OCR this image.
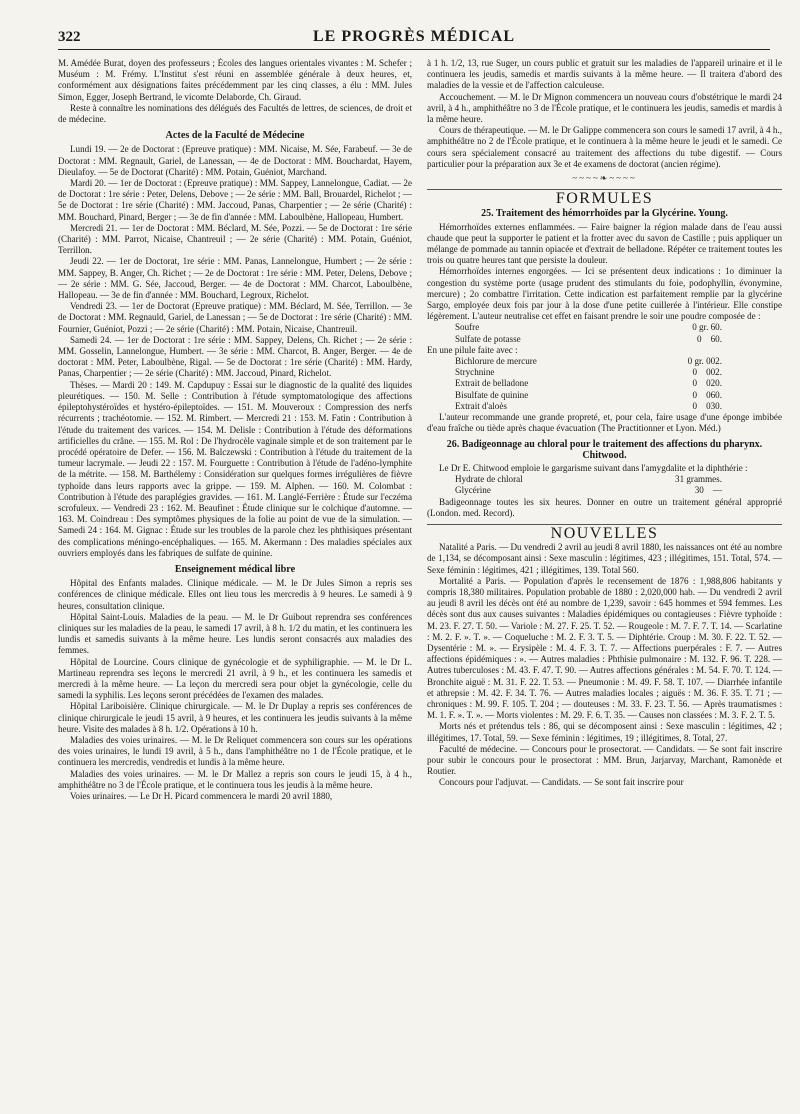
322	LE PROGRÈS MÉDICAL

M. Amédée Burat, doyen des professeurs ; Écoles des langues orientales vivantes : M. Schefer ; Muséum : M. Frémy. L'Institut s'est réuni en assemblée générale à deux heures, et, conformément aux désignations faites précédemment par les cinq classes, a élu : MM. Jules Simon, Egger, Joseph Bertrand, le vicomte Delaborde, Ch. Giraud.

Reste à connaître les nominations des délégués des Facultés de lettres, de sciences, de droit et de médecine.

Actes de la Faculté de Médecine

Lundi 19. — 2e de Doctorat : (Epreuve pratique) : MM. Nicaise, M. Sée, Farabeuf. — 3e de Doctorat : MM. Regnault, Gariel, de Lanessan, — 4e de Doctorat : MM. Bouchardat, Hayem, Dieulafoy. — 5e de Doctorat (Charité) : MM. Potain, Guéniot, Marchand.

Mardi 20. — 1er de Doctorat : (Epreuve pratique) : MM. Sappey, Lannelongue, Cadiat. — 2e de Doctorat : 1re série : Peter, Delens, Debove ; — 2e série : MM. Ball, Brouardel, Richelot ; — 5e de Doctorat : 1re série (Charité) : MM. Jaccoud, Panas, Charpentier ; — 2e série (Charité) : MM. Bouchard, Pinard, Berger ; — 3e de fin d'année : MM. Laboulbène, Hallopeau, Humbert.

Mercredi 21. — 1er de Doctorat : MM. Béclard, M. Sée, Pozzi. — 5e de Doctorat : 1re série (Charité) : MM. Parrot, Nicaise, Chantreuil ; — 2e série (Charité) : MM. Potain, Guéniot, Terrillon.

Jeudi 22. — 1er de Doctorat, 1re série : MM. Panas, Lannelongue, Humbert ; — 2e série : MM. Sappey, B. Anger, Ch. Richet ; — 2e de Doctorat : 1re série : MM. Peter, Delens, Debove ; — 2e série : MM. G. Sée, Jaccoud, Berger. — 4e de Doctorat : MM. Charcot, Laboulbène, Hallopeau. — 3e de fin d'année : MM. Bouchard, Legroux, Richelot.

Vendredi 23. — 1er de Doctorat (Epreuve pratique) : MM. Béclard, M. Sée, Terrillon. — 3e de Doctorat : MM. Regnauld, Gariel, de Lanessan ; — 5e de Doctorat : 1re série (Charité) : MM. Fournier, Guéniot, Pozzi ; — 2e série (Charité) : MM. Potain, Nicaise, Chantreuil.

Samedi 24. — 1er de Doctorat : 1re série : MM. Sappey, Delens, Ch. Richet ; — 2e série : MM. Gosselin, Lannelongue, Humbert. — 3e série : MM. Charcot, B. Anger, Berger. — 4e de doctorat : MM. Peter, Laboulbène, Rigal. — 5e de Doctorat : 1re série (Charité) : MM. Hardy, Panas, Charpentier ; — 2e série (Charité) : MM. Jaccoud, Pinard, Richelot.

Thèses. — Mardi 20 : 149. M. Capdupuy : Essai sur le diagnostic de la qualité des liquides pleurétiques. — 150. M. Selle : Contribution à l'étude symptomatologique des affections épileptohystéroïdes et hystéro-épileptoïdes. — 151. M. Mouveroux : Compression des nerfs récurrents ; trachéotomie. — 152. M. Rimbert. — Mercredi 21 : 153. M. Fatin : Contribution à l'étude du traitement des varices. — 154. M. Delisle : Contribution à l'étude des déformations artificielles du crâne. — 155. M. Rol : De l'hydrocèle vaginale simple et de son traitement par le procédé opératoire de Defer. — 156. M. Balczewski : Contribution à l'étude du traitement de la tumeur lacrymale. — Jeudi 22 : 157. M. Fourguette : Contribution à l'étude de l'adéno-lymphite de la métrite. — 158. M. Barthélemy : Considération sur quelques formes irrégulières de fièvre typhoïde dans leurs rapports avec la grippe. — 159. M. Alphen. — 160. M. Colombat : Contribution à l'étude des paraplégies gravides. — 161. M. Langlé-Ferrière : Étude sur l'eczéma scrofuleux. — Vendredi 23 : 162. M. Beaufinet : Étude clinique sur le colchique d'automne. — 163. M. Coindreau : Des symptômes physiques de la folie au point de vue de la simulation. — Samedi 24 : 164. M. Gignac : Étude sur les troubles de la parole chez les phthisiques présentant des complications méningo-encéphaliques. — 165. M. Akermann : Des maladies spéciales aux ouvriers employés dans les fabriques de sulfate de quinine.

Enseignement médical libre

Hôpital des Enfants malades. Clinique médicale. — M. le Dr Jules Simon a repris ses conférences de clinique médicale. Elles ont lieu tous les mercredis à 9 heures. Le samedi à 9 heures, consultation clinique.

Hôpital Saint-Louis. Maladies de la peau. — M. le Dr Guibout reprendra ses conférences cliniques sur les maladies de la peau, le samedi 17 avril, à 8 h. 1/2 du matin, et les continuera les lundis et samedis suivants à la même heure. Les lundis seront consacrés aux maladies des femmes.

Hôpital de Lourcine. Cours clinique de gynécologie et de syphiligraphie. — M. le Dr L. Martineau reprendra ses leçons le mercredi 21 avril, à 9 h., et les continuera les samedis et mercredi à la même heure. — La leçon du mercredi sera pour objet la gynécologie, celle du samedi la syphilis. Les leçons seront précédées de l'examen des malades.

Hôpital Lariboisière. Clinique chirurgicale. — M. le Dr Duplay a repris ses conférences de clinique chirurgicale le jeudi 15 avril, à 9 heures, et les continuera les jeudis suivants à la même heure. Visite des malades à 8 h. 1/2. Opérations à 10 h.

Maladies des voies urinaires. — M. le Dr Reliquet commencera son cours sur les opérations des voies urinaires, le lundi 19 avril, à 5 h., dans l'amphithéâtre no 1 de l'École pratique, et le continuera les mercredis, vendredis et lundis à la même heure.

Maladies des voies urinaires. — M. le Dr Mallez a repris son cours le jeudi 15, à 4 h., amphithéâtre no 3 de l'École pratique, et le continuera tous les jeudis à la même heure.

Voies urinaires. — Le Dr H. Picard commencera le mardi 20 avril 1880,

à 1 h. 1/2, 13, rue Suger, un cours public et gratuit sur les maladies de l'appareil urinaire et il le continuera les jeudis, samedis et mardis suivants à la même heure. — Il traitera d'abord des maladies de la vessie et de l'affection calculeuse.

Accouchement. — M. le Dr Mignon commencera un nouveau cours d'obstétrique le mardi 24 avril, à 4 h., amphithéâtre no 3 de l'École pratique, et le continuera les jeudis, samedis et mardis à la même heure.

Cours de thérapeutique. — M. le Dr Galippe commencera son cours le samedi 17 avril, à 4 h., amphithéâtre no 2 de l'École pratique, et le continuera à la même heure le jeudi et le samedi. Ce cours sera spécialement consacré au traitement des affections du tube digestif. — Cours particulier pour la préparation aux 3e et 4e examens de doctorat (ancien régime).

~~~~❧~~~~
FORMULES
25. Traitement des hémorrhoïdes par la Glycérine. Young.

Hémorrhoïdes externes enflammées. — Faire baigner la région malade dans de l'eau aussi chaude que peut la supporter le patient et la frotter avec du savon de Castille ; puis appliquer un mélange de pommade au tannin opiacée et d'extrait de belladone. Répéter ce traitement toutes les trois ou quatre heures tant que persiste la douleur.

Hémorrhoïdes internes engorgées. — Ici se présentent deux indications : 1o diminuer la congestion du système porte (usage prudent des stimulants du foie, podophyllin, évonymine, mercure) ; 2o combattre l'irritation. Cette indication est parfaitement remplie par la glycérine Sargo, employée deux fois par jour à la dose d'une petite cuillerée à l'intérieur. Elle constipe légèrement. L'auteur neutralise cet effet en faisant prendre le soir une poudre composée de :

Soufre	0 gr. 60.
Sulfate de potasse	0    60.

En une pilule faite avec :

Bichlorure de mercure	0 gr. 002.
Strychnine	0    002.
Extrait de belladone	0    020.
Bisulfate de quinine	0    060.
Extrait d'aloès	0    030.

L'auteur recommande une grande propreté, et, pour cela, faire usage d'une éponge imbibée d'eau fraîche ou tiède après chaque évacuation (The Practitionner et Lyon. Méd.)

26. Badigeonnage au chloral pour le traitement des affections du pharynx. Chitwood.

Le Dr E. Chitwood emploie le gargarisme suivant dans l'amygdalite et la diphthérie :

Hydrate de chloral	31 grammes.
Glycérine	30    —

Badigeonnage toutes les six heures. Donner en outre un traitement général approprié (London. med. Record).

NOUVELLES

Natalité a Paris. — Du vendredi 2 avril au jeudi 8 avril 1880, les naissances ont été au nombre de 1,134, se décomposant ainsi : Sexe masculin : légitimes, 423 ; illégitimes, 151. Total, 574. — Sexe féminin : légitimes, 421 ; illégitimes, 139. Total 560.

Mortalité a Paris. — Population d'après le recensement de 1876 : 1,988,806 habitants y compris 18,380 militaires. Population probable de 1880 : 2,020,000 hab. — Du vendredi 2 avril au jeudi 8 avril les décès ont été au nombre de 1,239, savoir : 645 hommes et 594 femmes. Les décès sont dus aux causes suivantes : Maladies épidémiques ou contagieuses : Fièvre typhoïde : M. 23. F. 27. T. 50. — Variole : M. 27. F. 25. T. 52. — Rougeole : M. 7. F. 7. T. 14. — Scarlatine : M. 2. F. ». T. ». — Coqueluche : M. 2. F. 3. T. 5. — Diphtérie. Croup : M. 30. F. 22. T. 52. — Dysentérie : M. ». — Erysipèle : M. 4. F. 3. T. 7. — Affections puerpérales : F. 7. — Autres affections épidémiques : ». — Autres maladies : Phthisie pulmonaire : M. 132. F. 96. T. 228. — Autres tuberculoses : M. 43. F. 47. T. 90. — Autres affections générales : M. 54. F. 70. T. 124. — Bronchite aiguë : M. 31. F. 22. T. 53. — Pneumonie : M. 49. F. 58. T. 107. — Diarrhée infantile et athrepsie : M. 42. F. 34. T. 76. — Autres maladies locales ; aiguës : M. 36. F. 35. T. 71 ; — chroniques : M. 99. F. 105. T. 204 ; — douteuses : M. 33. F. 23. T. 56. — Après traumatismes : M. 1. F. ». T. ». — Morts violentes : M. 29. F. 6. T. 35. — Causes non classées : M. 3. F. 2. T. 5.

Morts nés et prétendus tels : 86, qui se décomposent ainsi : Sexe masculin : légitimes, 42 ; illégitimes, 17. Total, 59. — Sexe féminin : légitimes, 19 ; illégitimes, 8. Total, 27.

Faculté de médecine. — Concours pour le prosectorat. — Candidats. — Se sont fait inscrire pour subir le concours pour le prosectorat : MM. Brun, Jarjarvay, Marchant, Ramonède et Routier.

Concours pour l'adjuvat. — Candidats. — Se sont fait inscrire pour
